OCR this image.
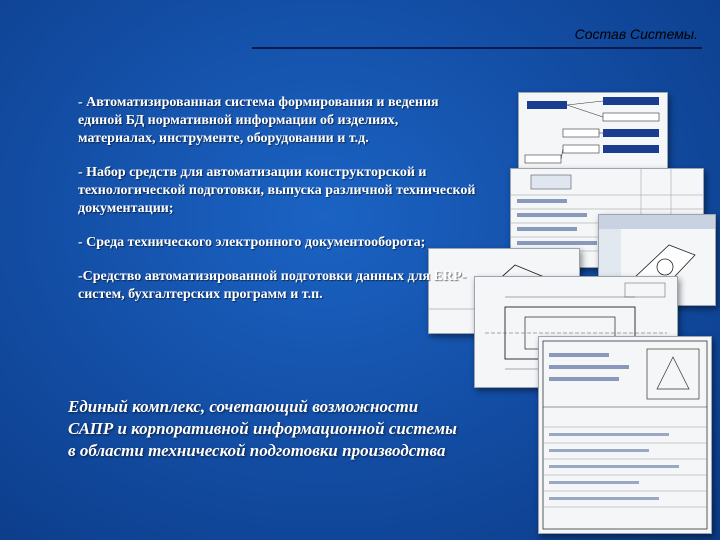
Состав Системы.
- Автоматизированная система формирования и ведения единой БД нормативной информации об изделиях, материалах, инструменте, оборудовании и т.д.
- Набор средств для автоматизации конструкторской и технологической подготовки, выпуска различной технической документации;
- Среда технического электронного документооборота;
-Средство автоматизированной подготовки данных для ERP-систем, бухгалтерских программ и т.п.
Единый комплекс, сочетающий возможности
САПР и корпоративной информационной системы
в области технической подготовки производства
